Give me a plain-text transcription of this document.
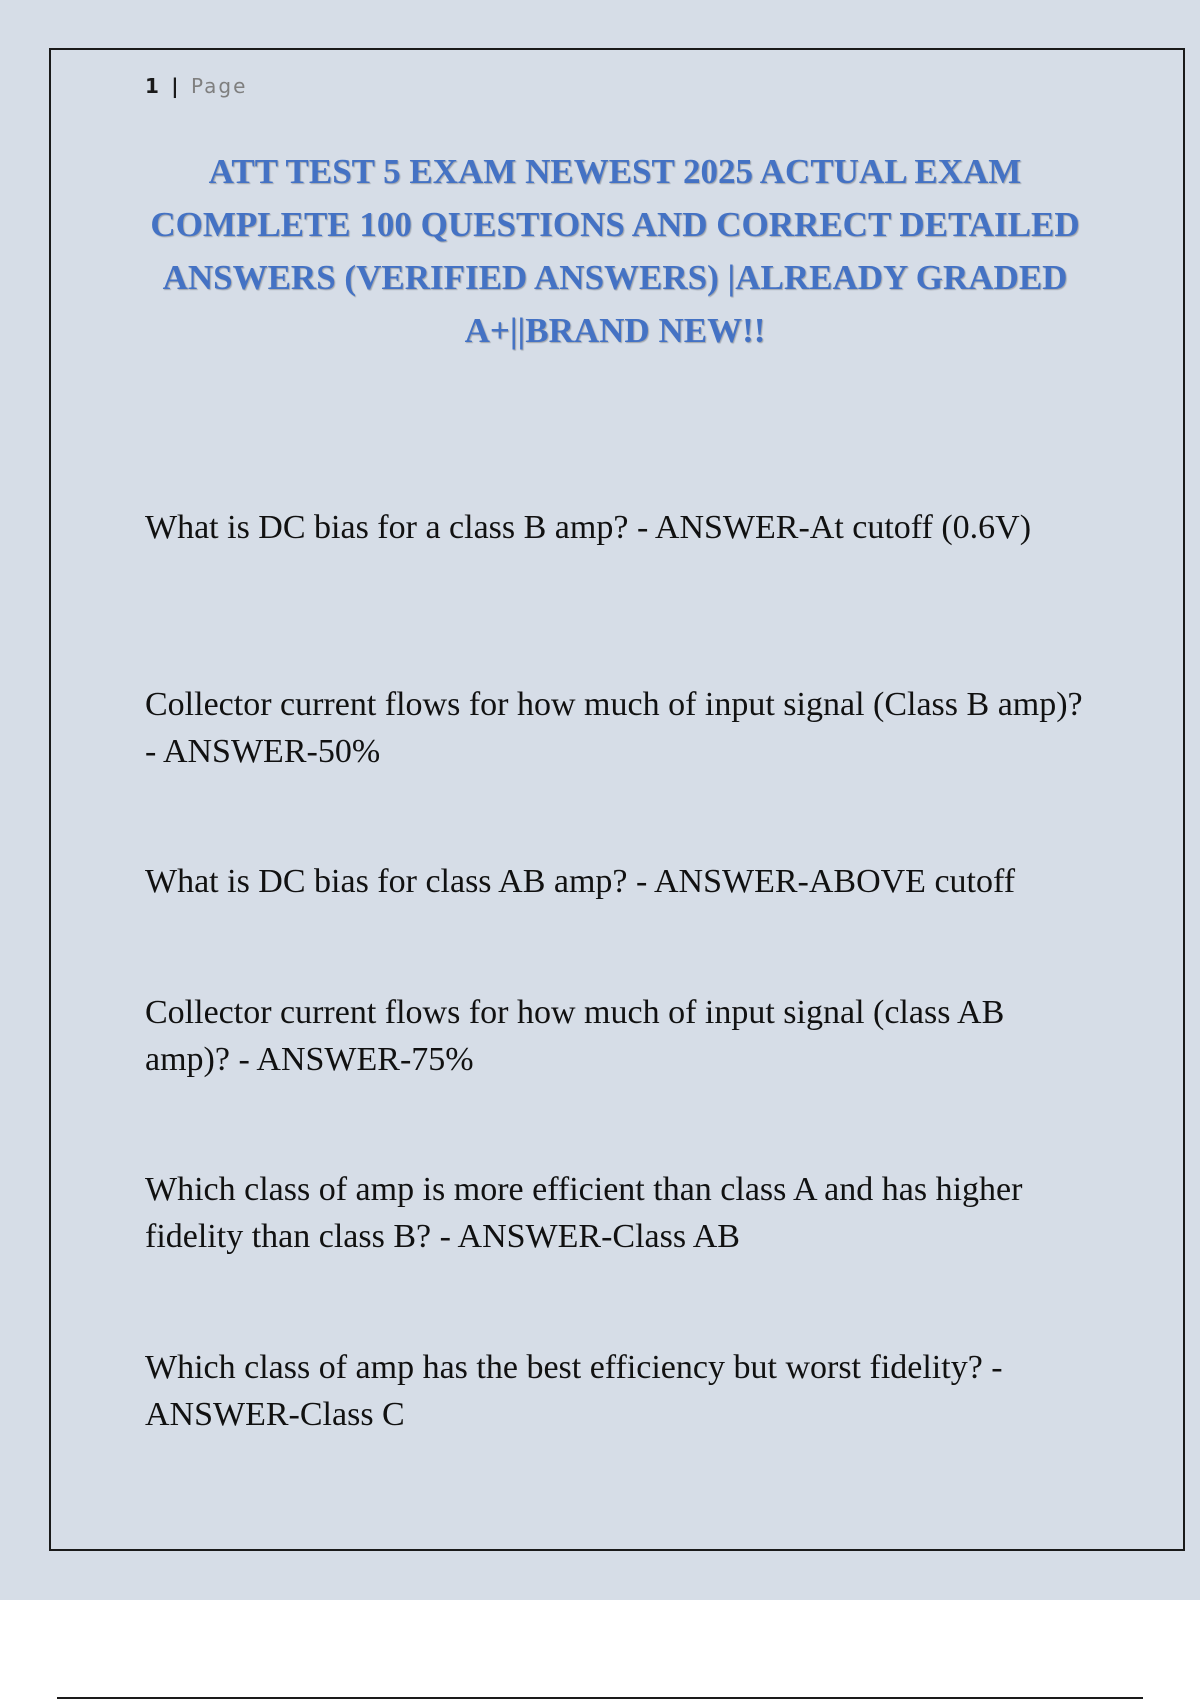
1 | Page
ATT TEST 5 EXAM NEWEST 2025 ACTUAL EXAM COMPLETE 100 QUESTIONS AND CORRECT DETAILED ANSWERS (VERIFIED ANSWERS) |ALREADY GRADED A+||BRAND NEW!!

What is DC bias for a class B amp? - ANSWER-At cutoff (0.6V)

Collector current flows for how much of input signal (Class B amp)? - ANSWER-50%

What is DC bias for class AB amp? - ANSWER-ABOVE cutoff

Collector current flows for how much of input signal (class AB amp)? - ANSWER-75%

Which class of amp is more efficient than class A and has higher fidelity than class B? - ANSWER-Class AB

Which class of amp has the best efficiency but worst fidelity? - ANSWER-Class C
